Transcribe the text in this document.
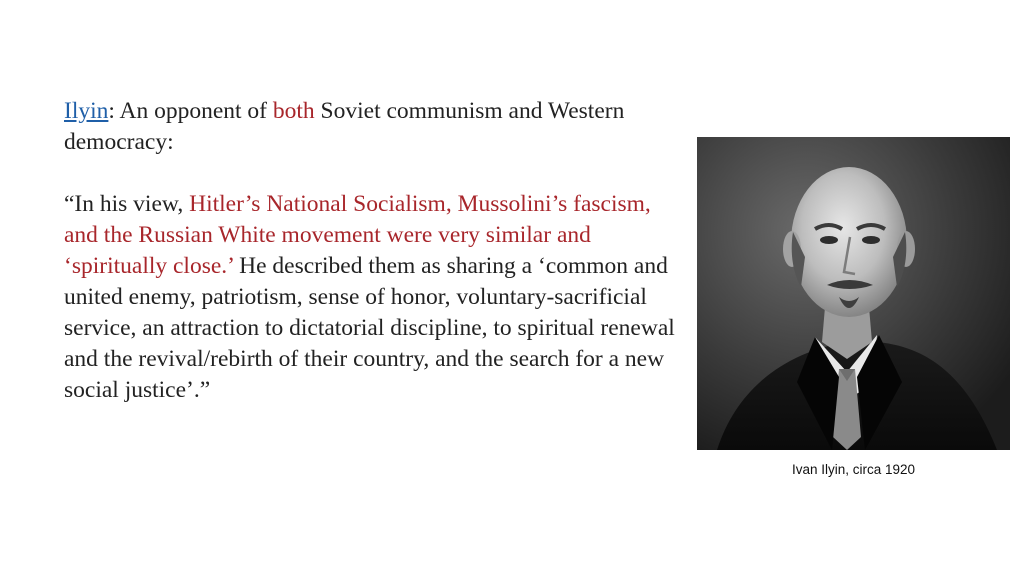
Ilyin: An opponent of both Soviet communism and Western democracy:

“In his view, Hitler’s National Socialism, Mussolini’s fascism, and the Russian White movement were very similar and ‘spiritually close.’ He described them as sharing a ‘common and united enemy, patriotism, sense of honor, voluntary-sacrificial service, an attraction to dictatorial discipline, to spiritual renewal and the revival/rebirth of their country, and the search for a new social justice’.”

Ivan Ilyin, circa 1920
